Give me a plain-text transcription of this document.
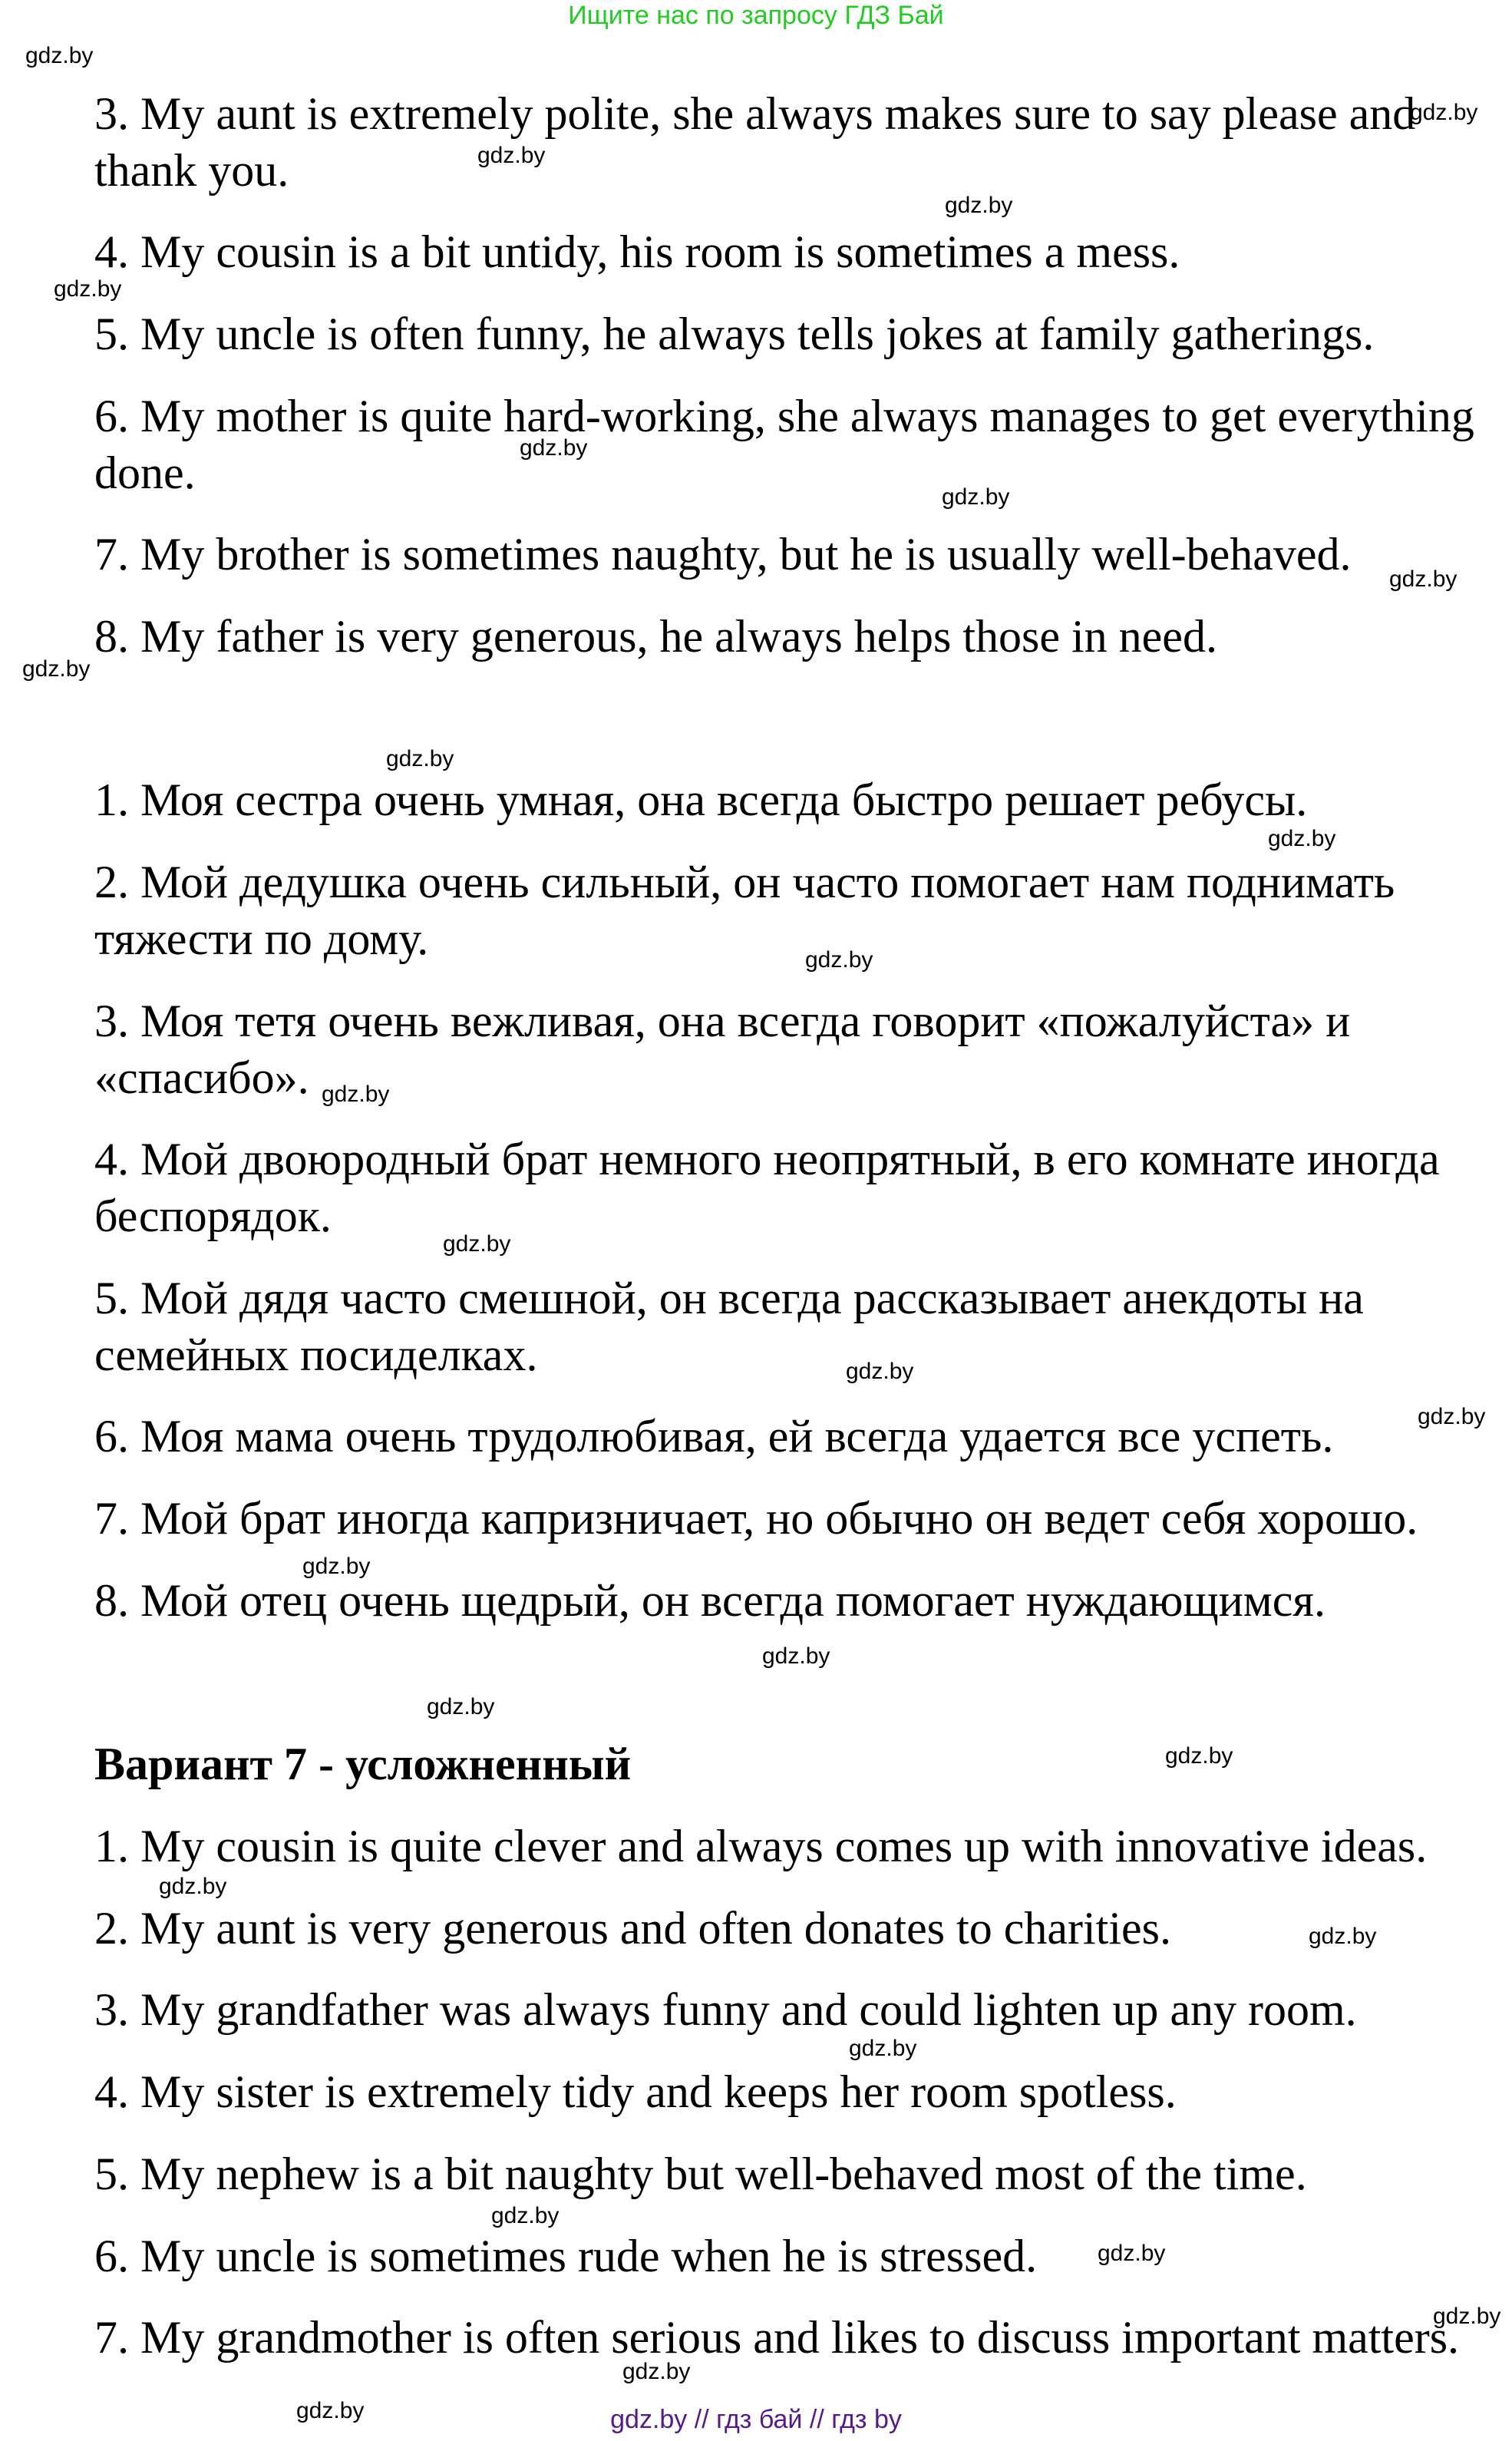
Ищите нас по запросу ГДЗ Бай
3. My aunt is extremely polite, she always makes sure to say please and
thank you.
4. My cousin is a bit untidy, his room is sometimes a mess.
5. My uncle is often funny, he always tells jokes at family gatherings.
6. My mother is quite hard-working, she always manages to get everything
done.
7. My brother is sometimes naughty, but he is usually well-behaved.
8. My father is very generous, he always helps those in need.
1. Моя сестра очень умная, она всегда быстро решает ребусы.
2. Мой дедушка очень сильный, он часто помогает нам поднимать
тяжести по дому.
3. Моя тетя очень вежливая, она всегда говорит «пожалуйста» и
«спасибо».
4. Мой двоюродный брат немного неопрятный, в его комнате иногда
беспорядок.
5. Мой дядя часто смешной, он всегда рассказывает анекдоты на
семейных посиделках.
6. Моя мама очень трудолюбивая, ей всегда удается все успеть.
7. Мой брат иногда капризничает, но обычно он ведет себя хорошо.
8. Мой отец очень щедрый, он всегда помогает нуждающимся.
1. My cousin is quite clever and always comes up with innovative ideas.
2. My aunt is very generous and often donates to charities.
3. My grandfather was always funny and could lighten up any room.
4. My sister is extremely tidy and keeps her room spotless.
5. My nephew is a bit naughty but well-behaved most of the time.
6. My uncle is sometimes rude when he is stressed.
7. My grandmother is often serious and likes to discuss important matters.
Вариант 7 - усложненный
gdz.by
gdz.by
gdz.by
gdz.by
gdz.by
gdz.by
gdz.by
gdz.by
gdz.by
gdz.by
gdz.by
gdz.by
gdz.by
gdz.by
gdz.by
gdz.by
gdz.by
gdz.by
gdz.by
gdz.by
gdz.by
gdz.by
gdz.by
gdz.by
gdz.by
gdz.by
gdz.by
gdz.by	gdz.by // гдз бай // гдз by
